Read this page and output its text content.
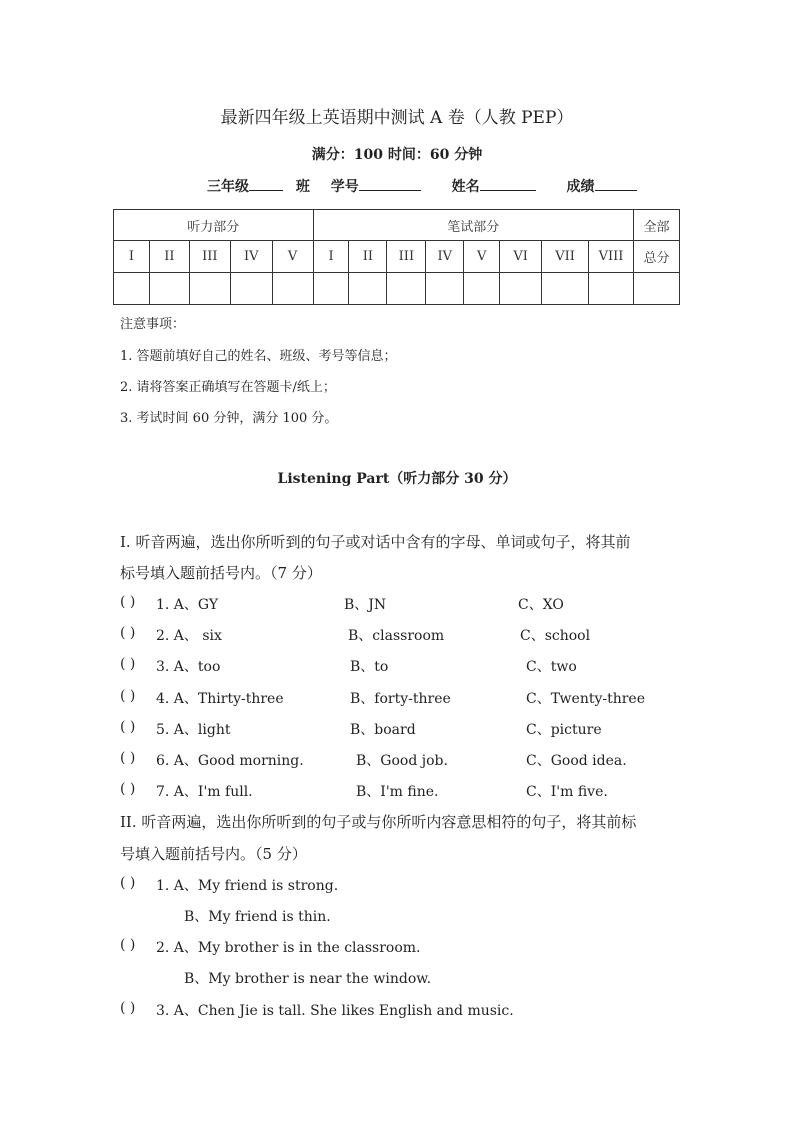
最新四年级上英语期中测试 A 卷（人教 PEP）
满分：100 时间：60 分钟
三年级	班 学号	姓名	成绩
听力部分					笔试部分								全部
I	II	III	IV	V	I	II	III	IV	V	VI	VII	VIII	总分

注意事项：
1. 答题前填好自己的姓名、班级、考号等信息；
2. 请将答案正确填写在答题卡/纸上；
3. 考试时间 60 分钟，满分 100 分。
Listening Part（听力部分 30 分）
I. 听音两遍，选出你所听到的句子或对话中含有的字母、单词或句子，将其前
标号填入题前括号内。（7 分）
( ) 1. A、GY	B、JN	C、XO
( ) 2. A、 six	B、classroom	C、school
( ) 3. A、too	B、to	C、two
( ) 4. A、Thirty-three	B、forty-three	C、Twenty-three
( ) 5. A、light	B、board	C、picture
( ) 6. A、Good morning.	B、Good job.	C、Good idea.
( ) 7. A、I'm full.	B、I'm fine.	C、I'm five.
II. 听音两遍，选出你所听到的句子或与你所听内容意思相符的句子，将其前标
号填入题前括号内。（5 分）
( ) 1. A、My friend is strong.
B、My friend is thin.
( ) 2. A、My brother is in the classroom.
B、My brother is near the window.
( ) 3. A、Chen Jie is tall. She likes English and music.
